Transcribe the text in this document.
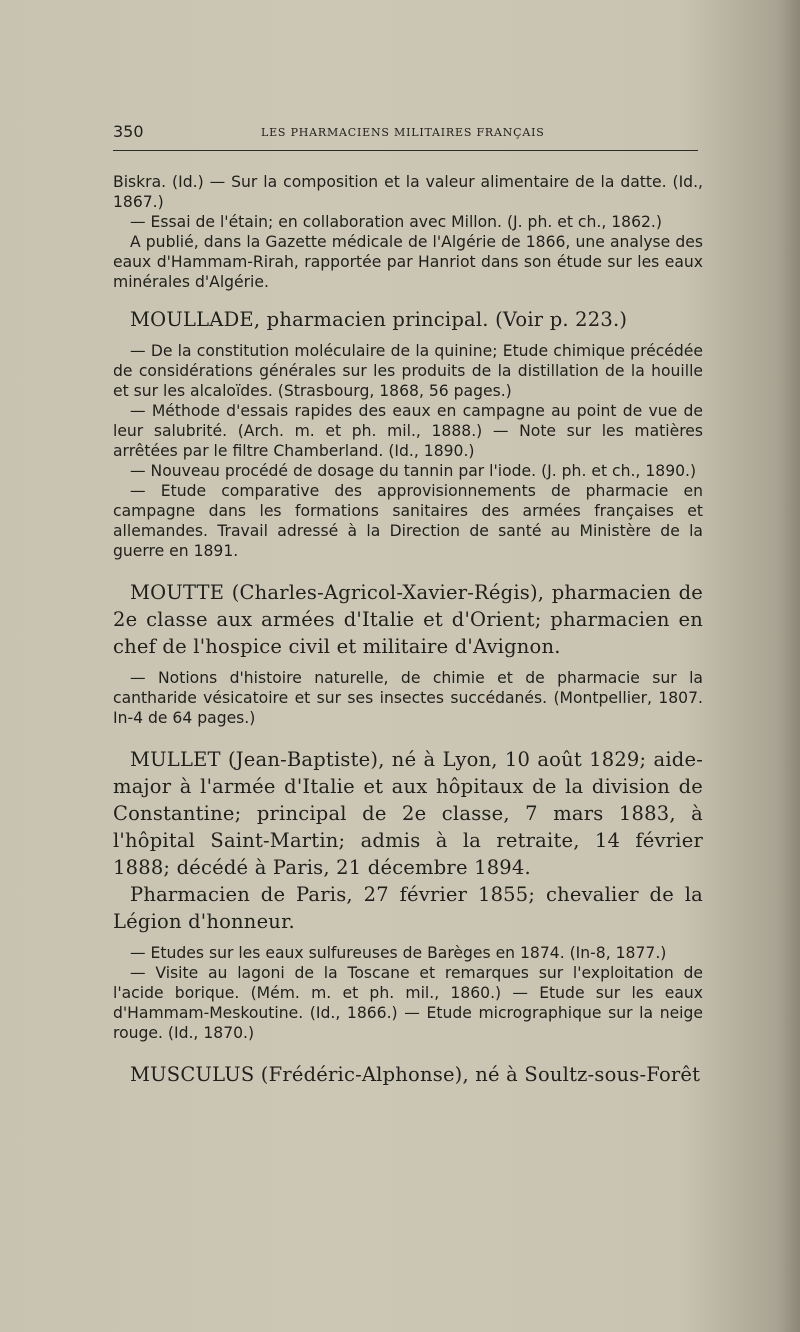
350	LES PHARMACIENS MILITAIRES FRANÇAIS

Biskra. (Id.) — Sur la composition et la valeur alimentaire de la datte. (Id., 1867.)

— Essai de l'étain; en collaboration avec Millon. (J. ph. et ch., 1862.)

A publié, dans la Gazette médicale de l'Algérie de 1866, une analyse des eaux d'Hammam-Rirah, rapportée par Hanriot dans son étude sur les eaux minérales d'Algérie.

MOULLADE, pharmacien principal. (Voir p. 223.)

— De la constitution moléculaire de la quinine; Etude chimique précédée de considérations générales sur les produits de la distillation de la houille et sur les alcaloïdes. (Strasbourg, 1868, 56 pages.)

— Méthode d'essais rapides des eaux en campagne au point de vue de leur salubrité. (Arch. m. et ph. mil., 1888.) — Note sur les matières arrêtées par le filtre Chamberland. (Id., 1890.)

— Nouveau procédé de dosage du tannin par l'iode. (J. ph. et ch., 1890.)

— Etude comparative des approvisionnements de pharmacie en campagne dans les formations sanitaires des armées françaises et allemandes. Travail adressé à la Direction de santé au Ministère de la guerre en 1891.

MOUTTE (Charles-Agricol-Xavier-Régis), pharmacien de 2e classe aux armées d'Italie et d'Orient; pharmacien en chef de l'hospice civil et militaire d'Avignon.

— Notions d'histoire naturelle, de chimie et de pharmacie sur la cantharide vésicatoire et sur ses insectes succédanés. (Montpellier, 1807. In-4 de 64 pages.)

MULLET (Jean-Baptiste), né à Lyon, 10 août 1829; aide-major à l'armée d'Italie et aux hôpitaux de la division de Constantine; principal de 2e classe, 7 mars 1883, à l'hôpital Saint-Martin; admis à la retraite, 14 février 1888; décédé à Paris, 21 décembre 1894.

Pharmacien de Paris, 27 février 1855; chevalier de la Légion d'honneur.

— Etudes sur les eaux sulfureuses de Barèges en 1874. (In-8, 1877.)

— Visite au lagoni de la Toscane et remarques sur l'exploitation de l'acide borique. (Mém. m. et ph. mil., 1860.) — Etude sur les eaux d'Hammam-Meskoutine. (Id., 1866.) — Etude micrographique sur la neige rouge. (Id., 1870.)

MUSCULUS (Frédéric-Alphonse), né à Soultz-sous-Forêt
